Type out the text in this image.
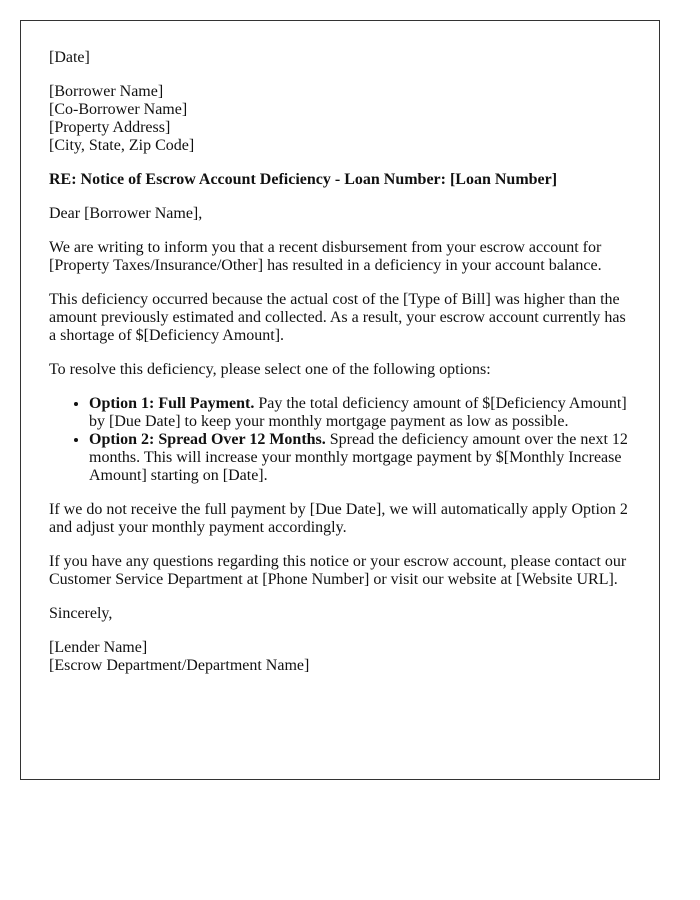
[Date]

[Borrower Name]
[Co-Borrower Name]
[Property Address]
[City, State, Zip Code]

RE: Notice of Escrow Account Deficiency - Loan Number: [Loan Number]

Dear [Borrower Name],

We are writing to inform you that a recent disbursement from your escrow account for [Property Taxes/Insurance/Other] has resulted in a deficiency in your account balance.

This deficiency occurred because the actual cost of the [Type of Bill] was higher than the amount previously estimated and collected. As a result, your escrow account currently has a shortage of $[Deficiency Amount].

To resolve this deficiency, please select one of the following options:

• Option 1: Full Payment. Pay the total deficiency amount of $[Deficiency Amount] by [Due Date] to keep your monthly mortgage payment as low as possible.
• Option 2: Spread Over 12 Months. Spread the deficiency amount over the next 12 months. This will increase your monthly mortgage payment by $[Monthly Increase Amount] starting on [Date].

If we do not receive the full payment by [Due Date], we will automatically apply Option 2 and adjust your monthly payment accordingly.

If you have any questions regarding this notice or your escrow account, please contact our Customer Service Department at [Phone Number] or visit our website at [Website URL].

Sincerely,

[Lender Name]
[Escrow Department/Department Name]
